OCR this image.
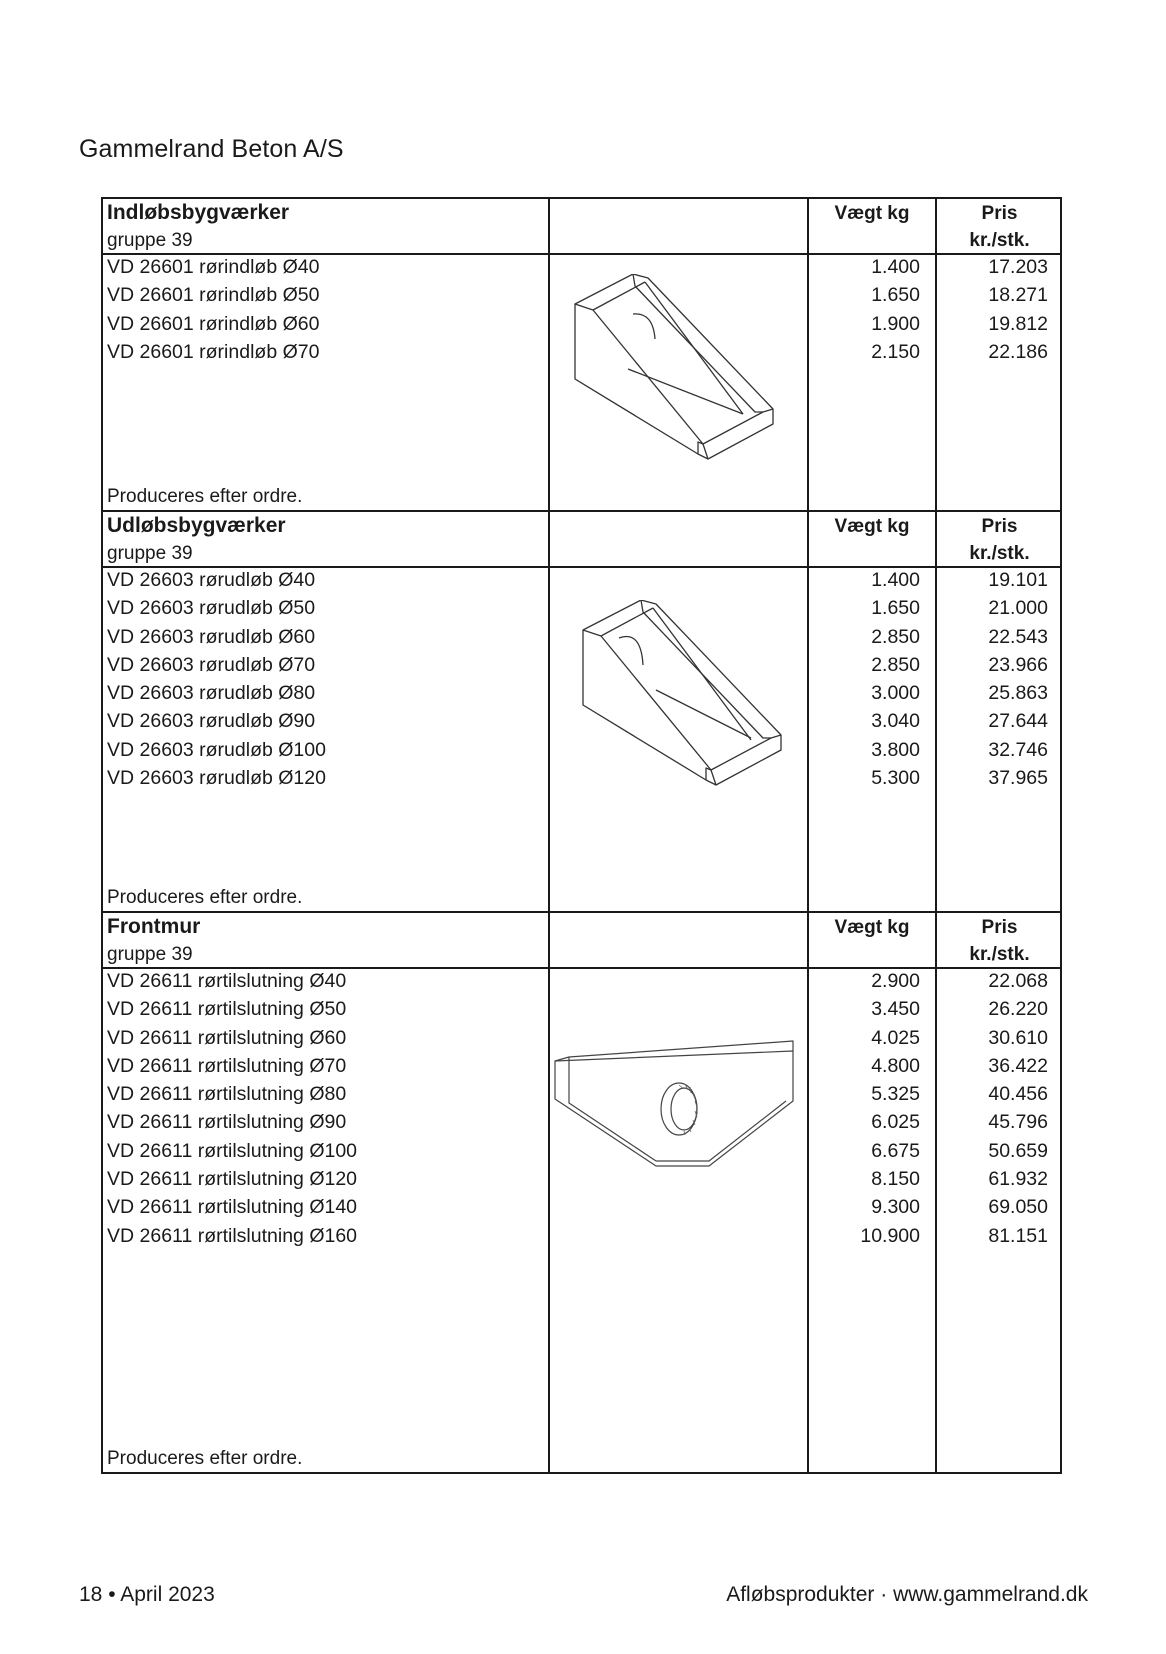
Gammelrand Beton A/S
Indløbsbygværker
gruppe 39
Vægt kg	Pris
kr./stk.
VD 26601 rørindløb Ø40	1.400	17.203
VD 26601 rørindløb Ø50	1.650	18.271
VD 26601 rørindløb Ø60	1.900	19.812
VD 26601 rørindløb Ø70	2.150	22.186
Produceres efter ordre.
Udløbsbygværker
gruppe 39
Vægt kg	Pris
kr./stk.
VD 26603 rørudløb Ø40	1.400	19.101
VD 26603 rørudløb Ø50	1.650	21.000
VD 26603 rørudløb Ø60	2.850	22.543
VD 26603 rørudløb Ø70	2.850	23.966
VD 26603 rørudløb Ø80	3.000	25.863
VD 26603 rørudløb Ø90	3.040	27.644
VD 26603 rørudløb Ø100	3.800	32.746
VD 26603 rørudløb Ø120	5.300	37.965
Produceres efter ordre.
Frontmur
gruppe 39
Vægt kg	Pris
kr./stk.
VD 26611 rørtilslutning Ø40	2.900	22.068
VD 26611 rørtilslutning Ø50	3.450	26.220
VD 26611 rørtilslutning Ø60	4.025	30.610
VD 26611 rørtilslutning Ø70	4.800	36.422
VD 26611 rørtilslutning Ø80	5.325	40.456
VD 26611 rørtilslutning Ø90	6.025	45.796
VD 26611 rørtilslutning Ø100	6.675	50.659
VD 26611 rørtilslutning Ø120	8.150	61.932
VD 26611 rørtilslutning Ø140	9.300	69.050
VD 26611 rørtilslutning Ø160	10.900	81.151
Produceres efter ordre.
18 • April 2023	Afløbsprodukter · www.gammelrand.dk
